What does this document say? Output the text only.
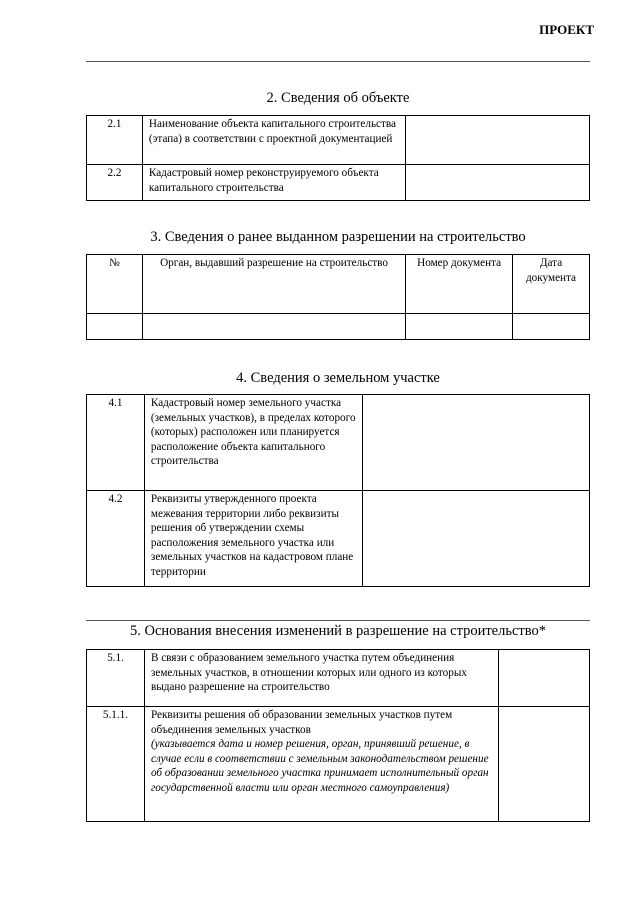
ПРОЕКТ
2. Сведения об объекте
2.1	Наименование объекта капитального строительства (этапа) в соответствии с проектной документацией	
2.2	Кадастровый номер реконструируемого объекта капитального строительства	
3. Сведения о ранее выданном разрешении на строительство
№	Орган, выдавший разрешение на строительство	Номер документа	Дата документа

4. Сведения о земельном участке
4.1	Кадастровый номер земельного участка (земельных участков), в пределах которого (которых) расположен или планируется расположение объекта капитального строительства	
4.2	Реквизиты утвержденного проекта межевания территории либо реквизиты решения об утверждении схемы расположения земельного участка или земельных участков на кадастровом плане территории	
5. Основания внесения изменений в разрешение на строительство*
5.1.	В связи с образованием земельного участка путем объединения земельных участков, в отношении которых или одного из которых выдано разрешение на строительство	
5.1.1.	Реквизиты решения об образовании земельных участков путем объединения земельных участков
(указывается дата и номер решения, орган, принявший решение, в случае если в соответствии с земельным законодательством решение об образовании земельного участка принимает исполнительный орган государственной власти или орган местного самоуправления)	
